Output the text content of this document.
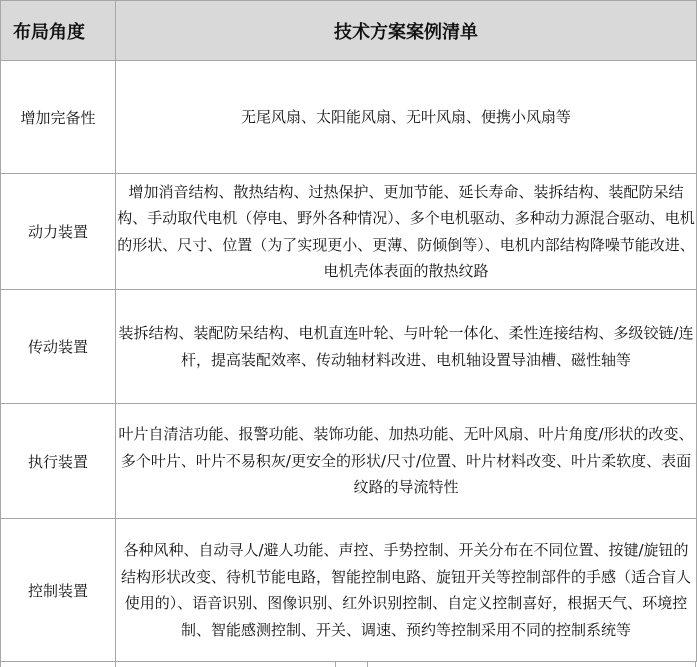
布局角度	技术方案案例清单
增加完备性	无尾风扇、太阳能风扇、无叶风扇、便携小风扇等
动力装置	增加消音结构、散热结构、过热保护、更加节能、延长寿命、装拆结构、装配防呆结构、手动取代电机（停电、野外各种情况）、多个电机驱动、多种动力源混合驱动、电机的形状、尺寸、位置（为了实现更小、更薄、防倾倒等）、电机内部结构降噪节能改进、电机壳体表面的散热纹路
传动装置	装拆结构、装配防呆结构、电机直连叶轮、与叶轮一体化、柔性连接结构、多级铰链/连杆，提高装配效率、传动轴材料改进、电机轴设置导油槽、磁性轴等
执行装置	叶片自清洁功能、报警功能、装饰功能、加热功能、无叶风扇、叶片角度/形状的改变、多个叶片、叶片不易积灰/更安全的形状/尺寸/位置、叶片材料改变、叶片柔软度、表面纹路的导流特性
控制装置	各种风种、自动寻人/避人功能、声控、手势控制、开关分布在不同位置、按键/旋钮的结构形状改变、待机节能电路，智能控制电路、旋钮开关等控制部件的手感（适合盲人使用的）、语音识别、图像识别、红外识别控制、自定义控制喜好，根据天气、环境控制、智能感测控制、开关、调速、预约等控制采用不同的控制系统等
